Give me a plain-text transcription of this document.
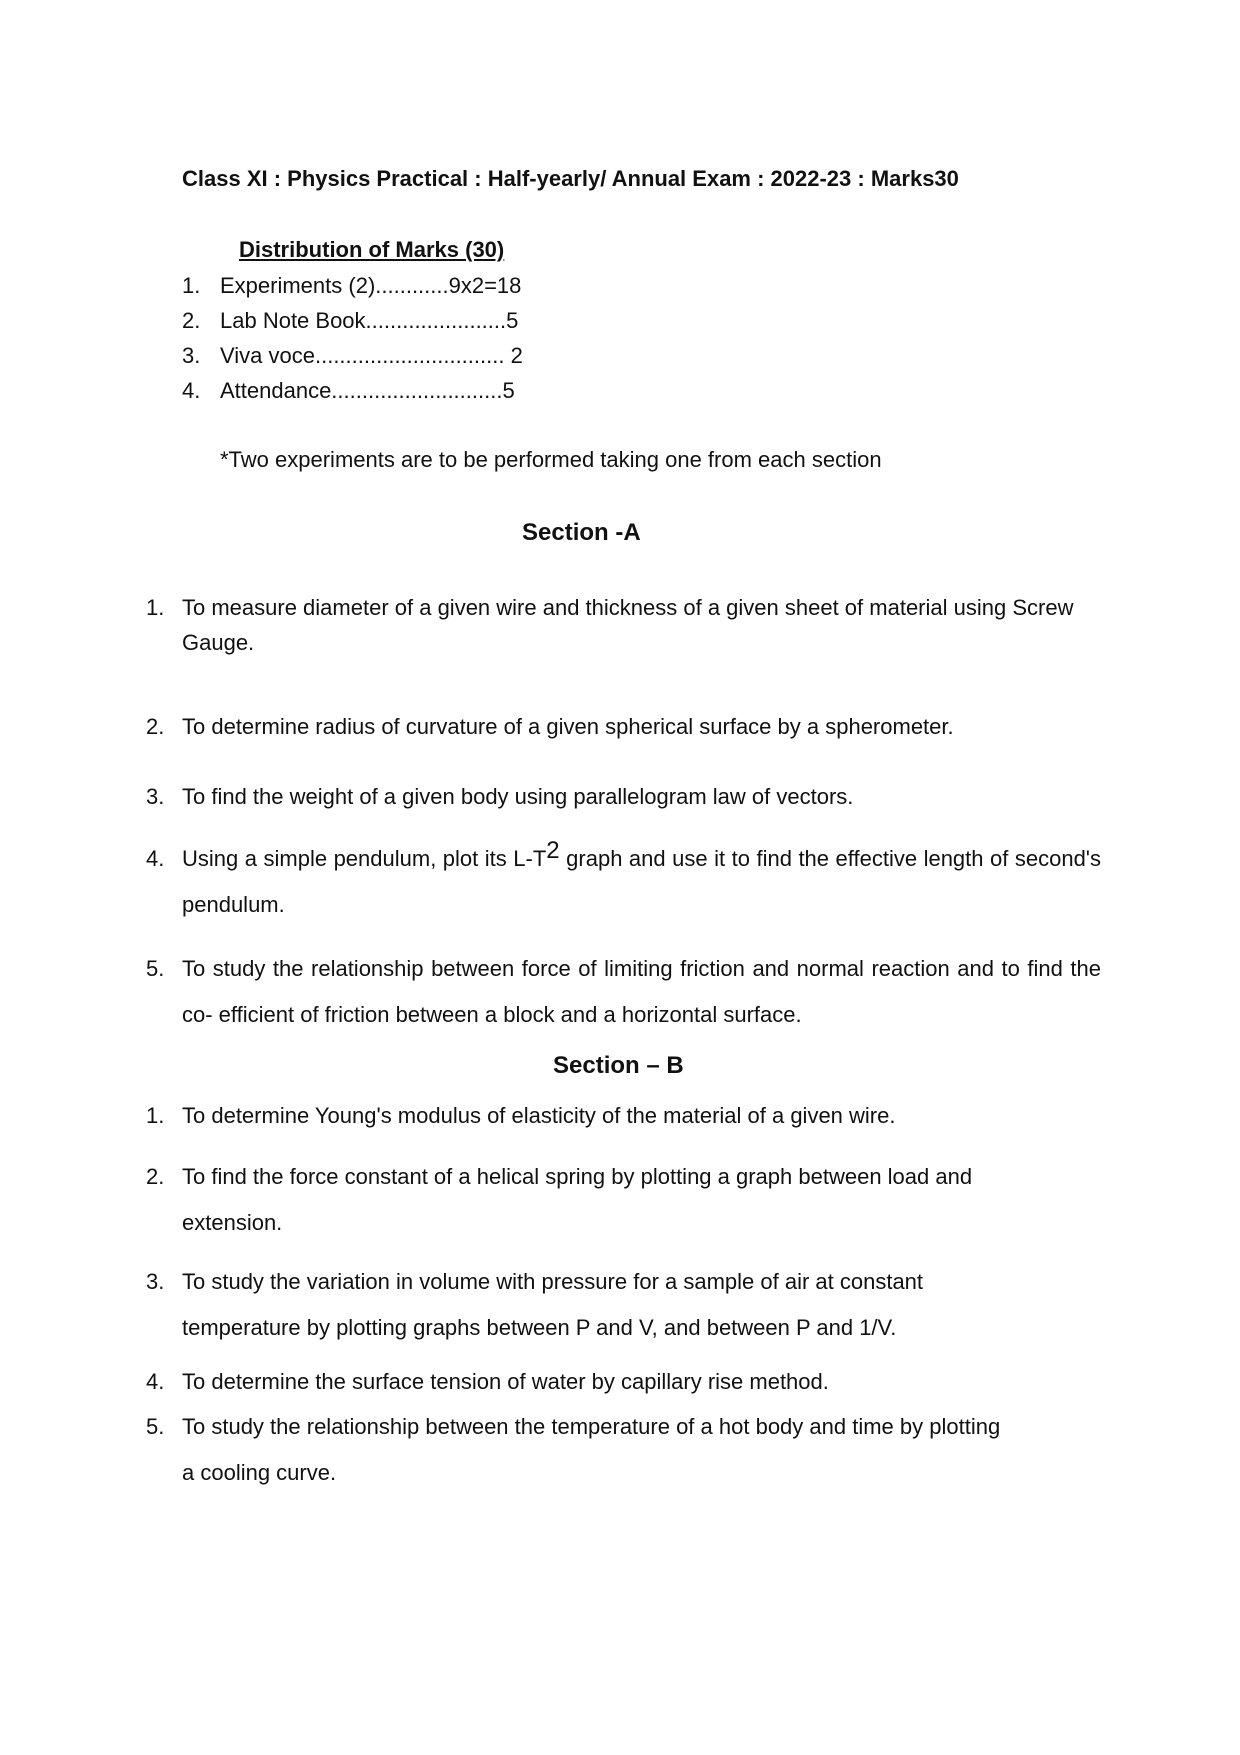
Class XI : Physics Practical : Half-yearly/ Annual Exam : 2022-23 : Marks30
Distribution of Marks (30)
1. Experiments (2)............9x2=18
2. Lab Note Book.......................5
3. Viva voce............................... 2
4. Attendance............................5
*Two experiments are to be performed taking one from each section
Section -A
1. To measure diameter of a given wire and thickness of a given sheet of material using Screw Gauge.
2. To determine radius of curvature of a given spherical surface by a spherometer.
3. To find the weight of a given body using parallelogram law of vectors.
4. Using a simple pendulum, plot its $L-T^2$ graph and use it to find the effective length of second's pendulum.
5. To study the relationship between force of limiting friction and normal reaction and to find the co- efficient of friction between a block and a horizontal surface.
Section – B
1. To determine Young's modulus of elasticity of the material of a given wire.
2. To find the force constant of a helical spring by plotting a graph between load and extension.
3. To study the variation in volume with pressure for a sample of air at constant temperature by plotting graphs between P and V, and between P and 1/V.
4. To determine the surface tension of water by capillary rise method.
5. To study the relationship between the temperature of a hot body and time by plotting a cooling curve.
